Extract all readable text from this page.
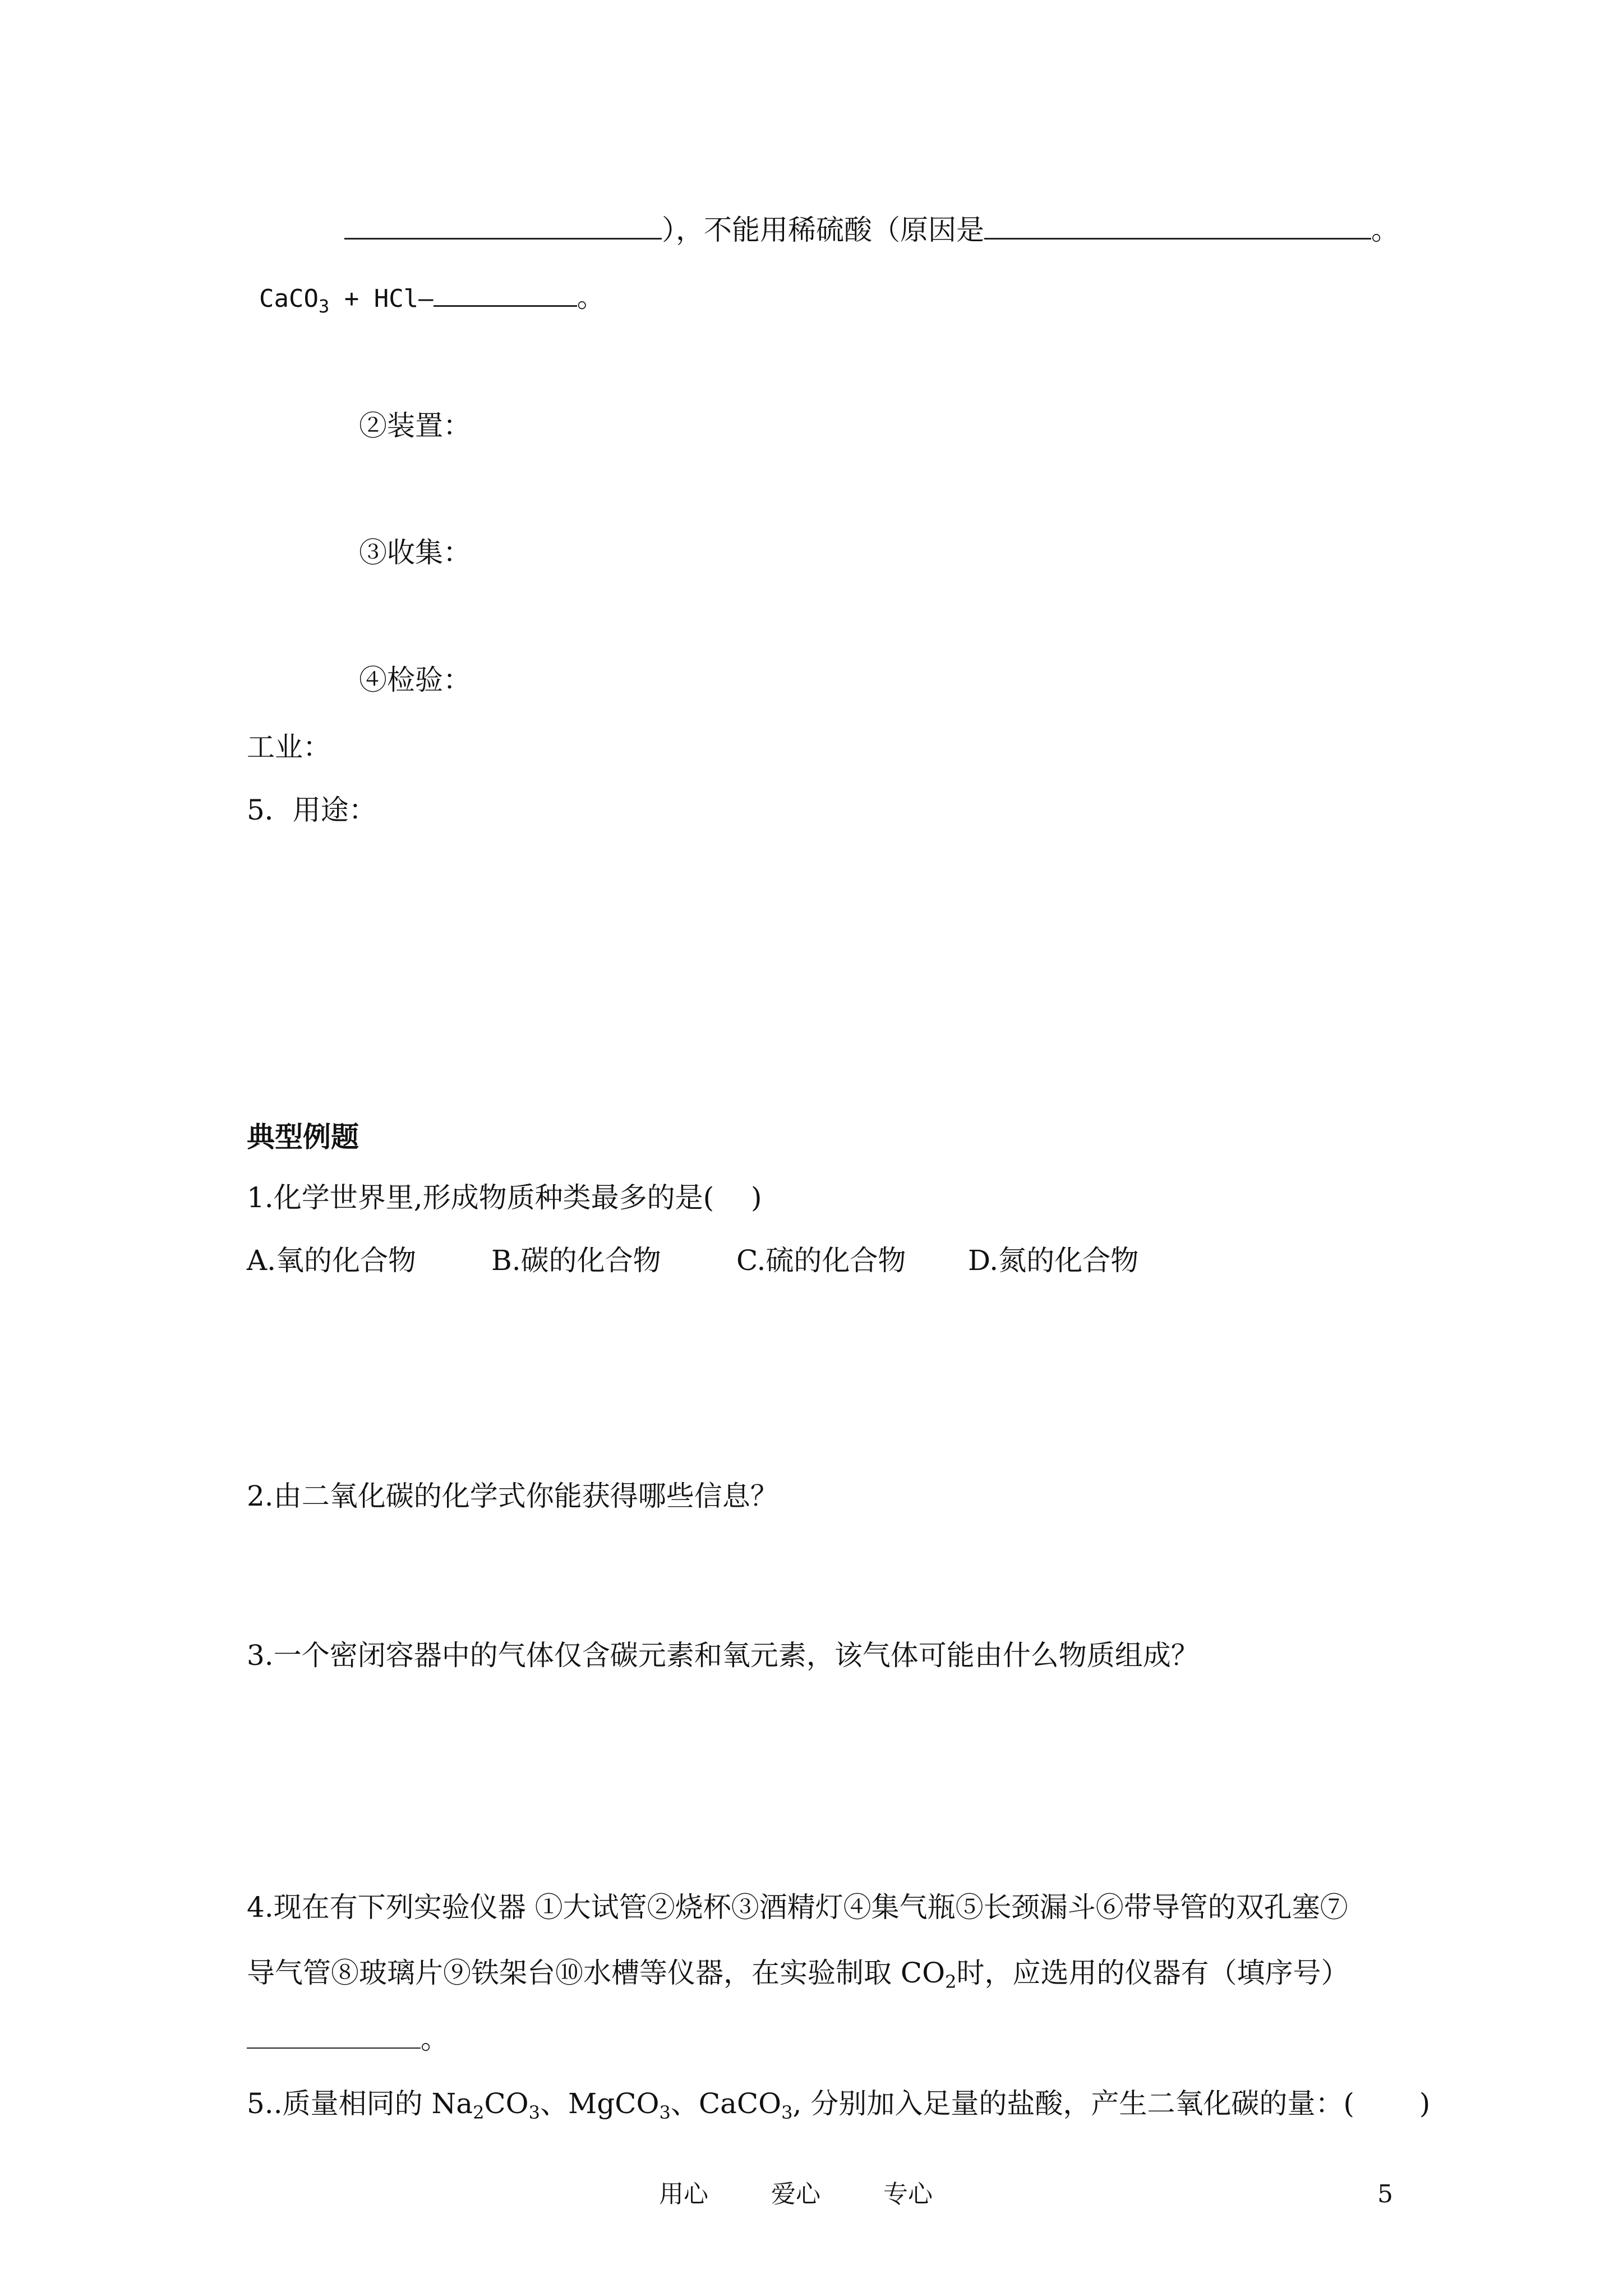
），不能用稀硫酸（原因是	。
CaCO$_3$ + HCl—	。
②装置：
③收集：
④检验：
工业：
5．用途：
典型例题
1.化学世界里,形成物质种类最多的是(　 )
A.氧的化合物	B.碳的化合物	C.硫的化合物 D.氮的化合物
2.由二氧化碳的化学式你能获得哪些信息？
3.一个密闭容器中的气体仅含碳元素和氧元素，该气体可能由什么物质组成？
4.现在有下列实验仪器 ①大试管②烧杯③酒精灯④集气瓶⑤长颈漏斗⑥带导管的双孔塞⑦
导气管⑧玻璃片⑨铁架台⑩水槽等仪器，在实验制取 $CO_2$时，应选用的仪器有（填序号）
。
5..质量相同的 $Na_2CO_3$、MgCO$_3$、CaCO$_3$, 分别加入足量的盐酸，产生二氧化碳的量：(　 　)
用心	爱心	专心	5
